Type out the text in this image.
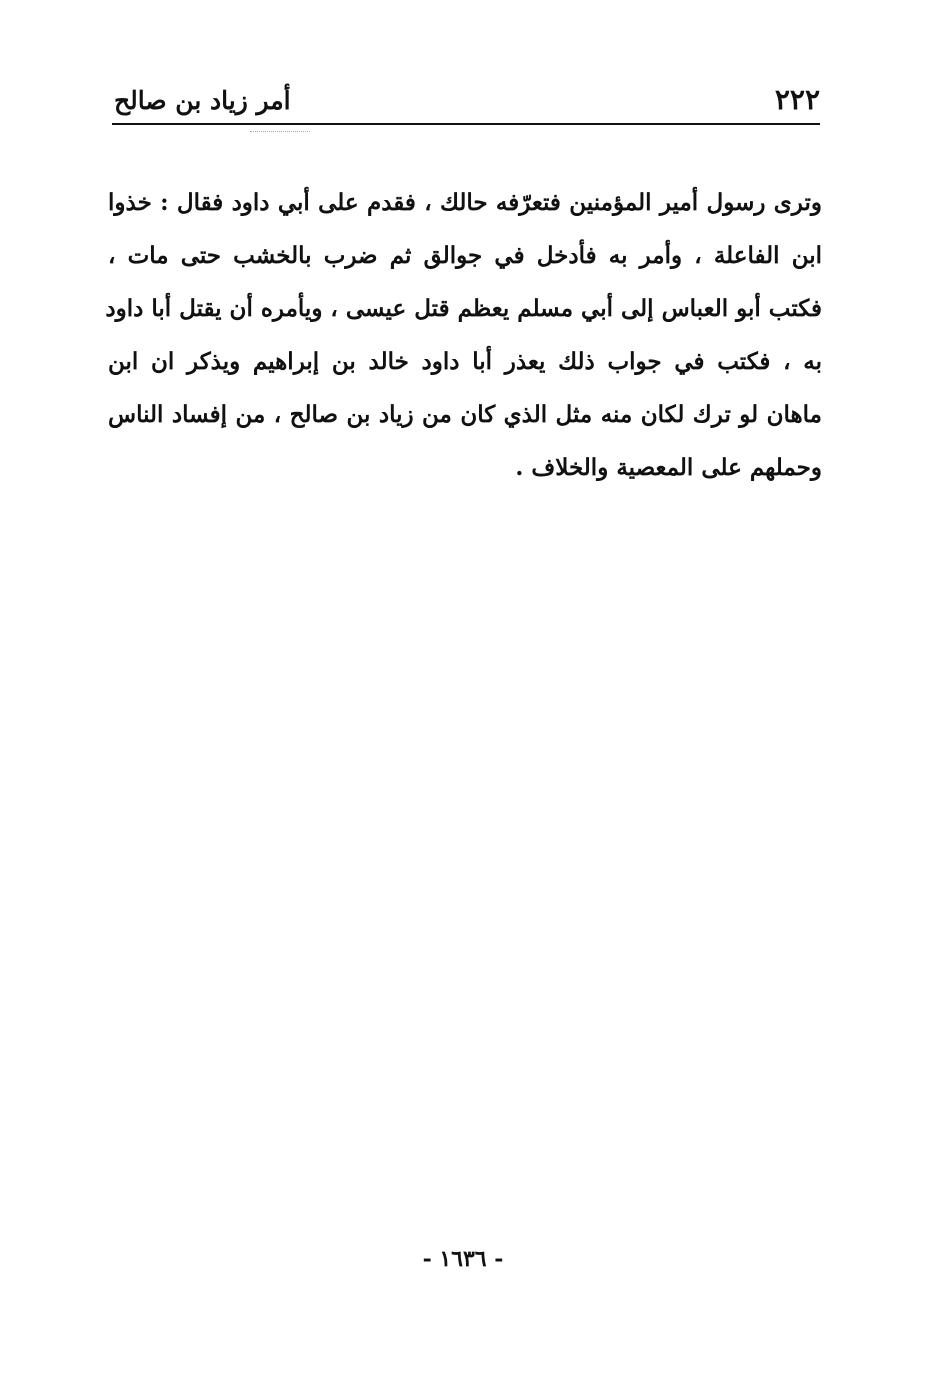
٢٢٢
أمر زياد بن صالح
وترى رسول أمير المؤمنين فتعرّفه حالك ، فقدم على أبي داود فقال : خذوا
ابن الفاعلة ، وأمر به فأدخل في جوالق ثم ضرب بالخشب حتى مات ،
فكتب أبو العباس إلى أبي مسلم يعظم قتل عيسى ، ويأمره أن يقتل أبا داود
به ، فكتب في جواب ذلك يعذر أبا داود خالد بن إبراهيم ويذكر ان ابن
ماهان لو ترك لكان منه مثل الذي كان من زياد بن صالح ، من إفساد الناس
وحملهم على المعصية والخلاف .
- ١٦٣٦ -
